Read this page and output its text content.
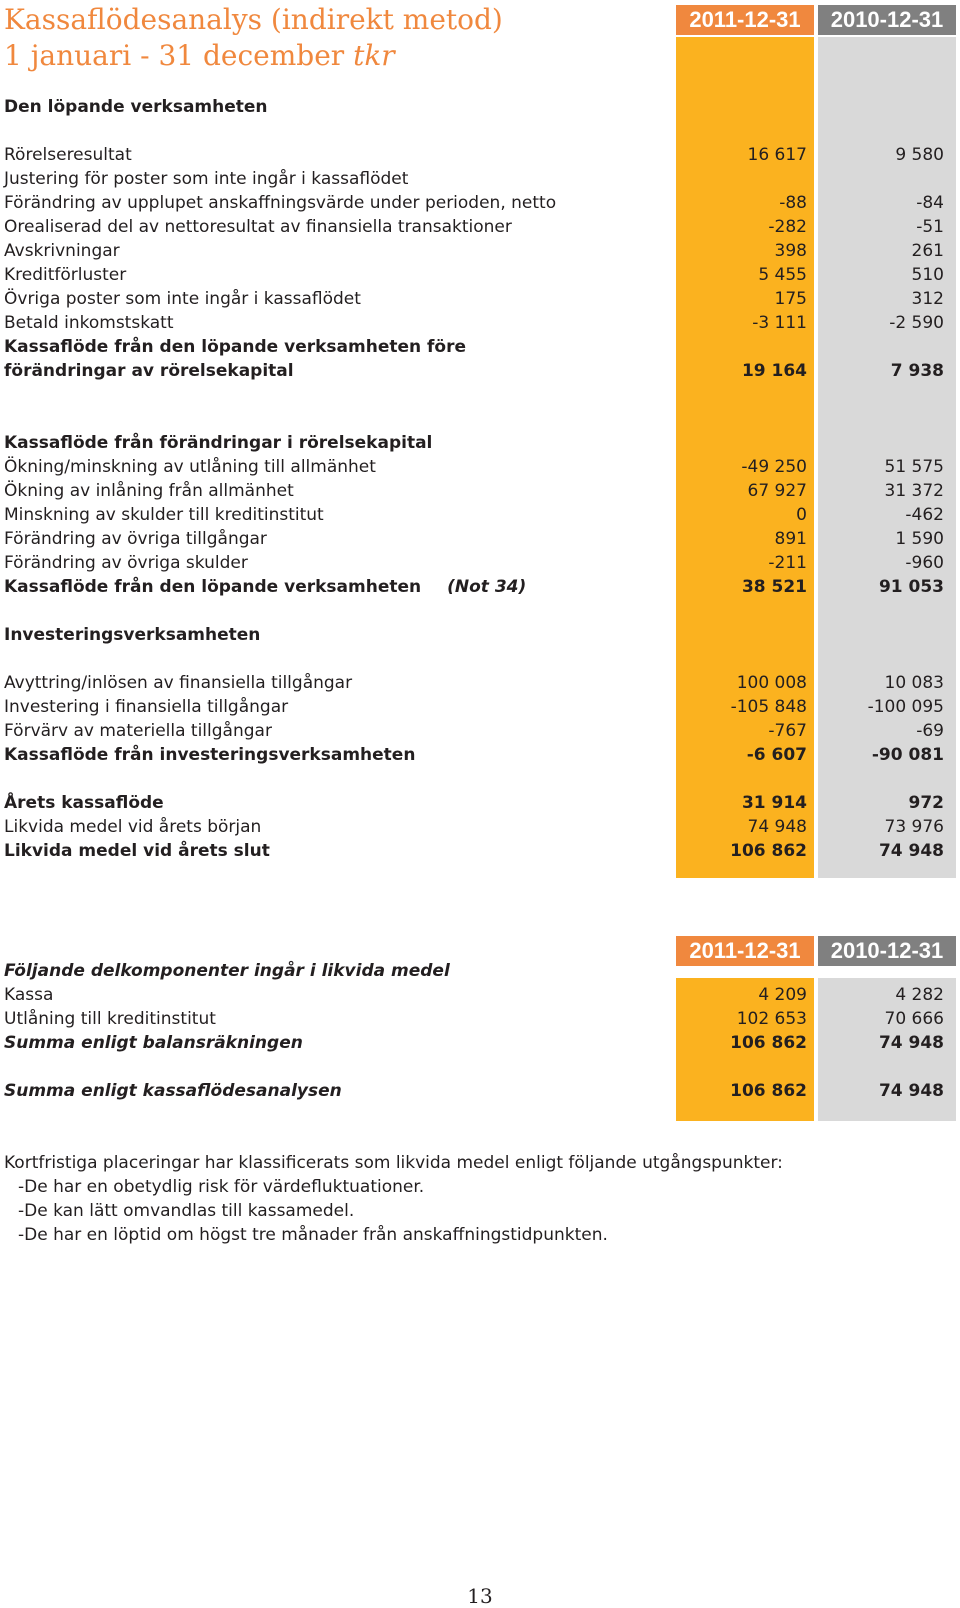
Kassaflödesanalys (indirekt metod)
1 januari - 31 december tkr
2011-12-31	2010-12-31
2011-12-31	2010-12-31
Den löpande verksamheten
Rörelseresultat	16 617	9 580
Justering för poster som inte ingår i kassaflödet
Förändring av upplupet anskaffningsvärde under perioden, netto	-88	-84
Orealiserad del av nettoresultat av finansiella transaktioner	-282	-51
Avskrivningar	398	261
Kreditförluster	5 455	510
Övriga poster som inte ingår i kassaflödet	175	312
Betald inkomstskatt	-3 111	-2 590
Kassaflöde från den löpande verksamheten före
förändringar av rörelsekapital	19 164	7 938
Kassaflöde från förändringar i rörelsekapital
Ökning/minskning av utlåning till allmänhet	-49 250	51 575
Ökning av inlåning från allmänhet	67 927	31 372
Minskning av skulder till kreditinstitut	0	-462
Förändring av övriga tillgångar	891	1 590
Förändring av övriga skulder	-211	-960
Kassaflöde från den löpande verksamheten (Not 34)	38 521	91 053
Investeringsverksamheten
Avyttring/inlösen av finansiella tillgångar	100 008	10 083
Investering i finansiella tillgångar	-105 848	-100 095
Förvärv av materiella tillgångar	-767	-69
Kassaflöde från investeringsverksamheten	-6 607	-90 081
Årets kassaflöde	31 914	972
Likvida medel vid årets början	74 948	73 976
Likvida medel vid årets slut	106 862	74 948
Följande delkomponenter ingår i likvida medel
Kassa	4 209	4 282
Utlåning till kreditinstitut	102 653	70 666
Summa enligt balansräkningen	106 862	74 948
Summa enligt kassaflödesanalysen	106 862	74 948
Kortfristiga placeringar har klassificerats som likvida medel enligt följande utgångspunkter:
-De har en obetydlig risk för värdefluktuationer.
-De kan lätt omvandlas till kassamedel.
-De har en löptid om högst tre månader från anskaffningstidpunkten.
13
